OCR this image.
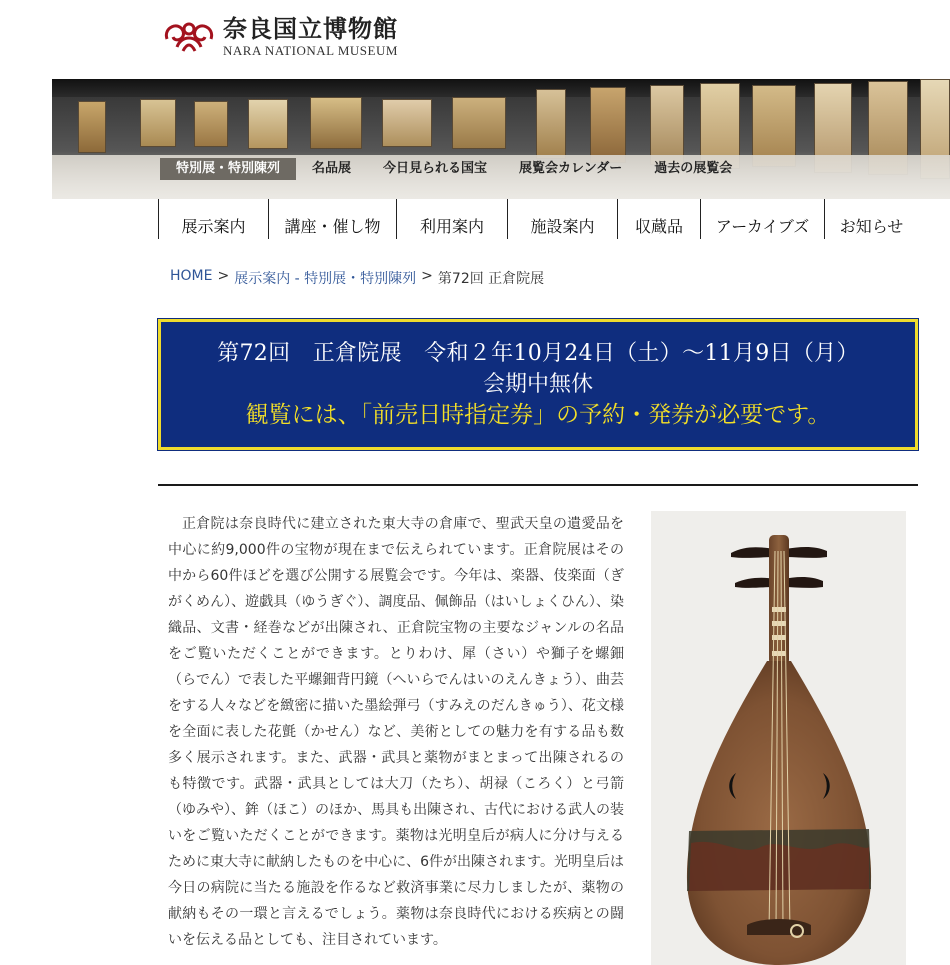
奈良国立博物館
NARA NATIONAL MUSEUM
特別展・特別陳列	名品展	今日見られる国宝	展覧会カレンダー	過去の展覧会
展示案内	講座・催し物	利用案内	施設案内	収蔵品	アーカイブズ	お知らせ
HOME > 展示案内 - 特別展・特別陳列 > 第72回 正倉院展
第72回　正倉院展　令和２年10月24日（土）～11月9日（月）
会期中無休
観覧には、「前売日時指定券」の予約・発券が必要です。

正倉院は奈良時代に建立された東大寺の倉庫で、聖武天皇の遺愛品を中心に約9,000件の宝物が現在まで伝えられています。正倉院展はその中から60件ほどを選び公開する展覧会です。今年は、楽器、伎楽面（ぎがくめん）、遊戯具（ゆうぎぐ）、調度品、佩飾品（はいしょくひん）、染織品、文書・経巻などが出陳され、正倉院宝物の主要なジャンルの名品をご覧いただくことができます。とりわけ、犀（さい）や獅子を螺鈿（らでん）で表した平螺鈿背円鏡（へいらでんはいのえんきょう）、曲芸をする人々などを緻密に描いた墨絵弾弓（すみえのだんきゅう）、花文様を全面に表した花氈（かせん）など、美術としての魅力を有する品も数多く展示されます。また、武器・武具と薬物がまとまって出陳されるのも特徴です。武器・武具としては大刀（たち）、胡禄（ころく）と弓箭（ゆみや）、鉾（ほこ）のほか、馬具も出陳され、古代における武人の装いをご覧いただくことができます。薬物は光明皇后が病人に分け与えるために東大寺に献納したものを中心に、6件が出陳されます。光明皇后は今日の病院に当たる施設を作るなど救済事業に尽力しましたが、薬物の献納もその一環と言えるでしょう。薬物は奈良時代における疾病との闘いを伝える品としても、注目されています。
